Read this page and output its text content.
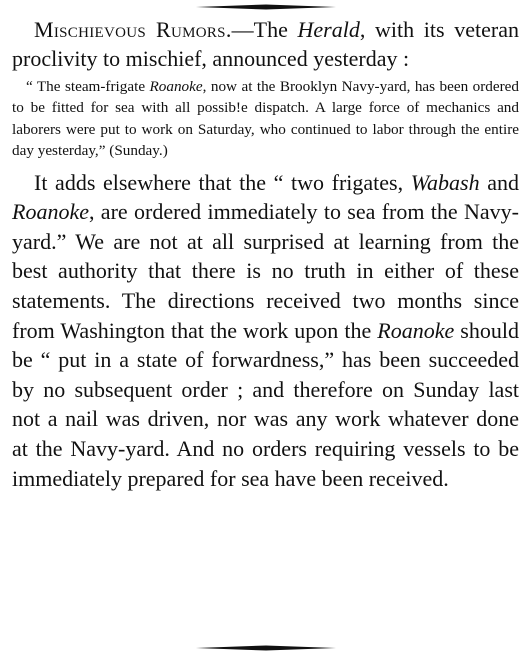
Mischievous Rumors.—The Herald, with its veteran proclivity to mischief, announced yesterday :

“ The steam-frigate Roanoke, now at the Brooklyn Navy-yard, has been ordered to be fitted for sea with all possib!e dispatch. A large force of mechanics and laborers were put to work on Saturday, who continued to labor through the entire day yesterday,” (Sunday.)

It adds elsewhere that the “ two frigates, Wabash and Roanoke, are ordered immediately to sea from the Navy-yard.” We are not at all surprised at learning from the best authority that there is no truth in either of these statements. The directions received two months since from Washington that the work upon the Roanoke should be “ put in a state of forwardness,” has been succeeded by no subsequent order ; and therefore on Sunday last not a nail was driven, nor was any work whatever done at the Navy-yard. And no orders requiring vessels to be immediately prepared for sea have been received.
